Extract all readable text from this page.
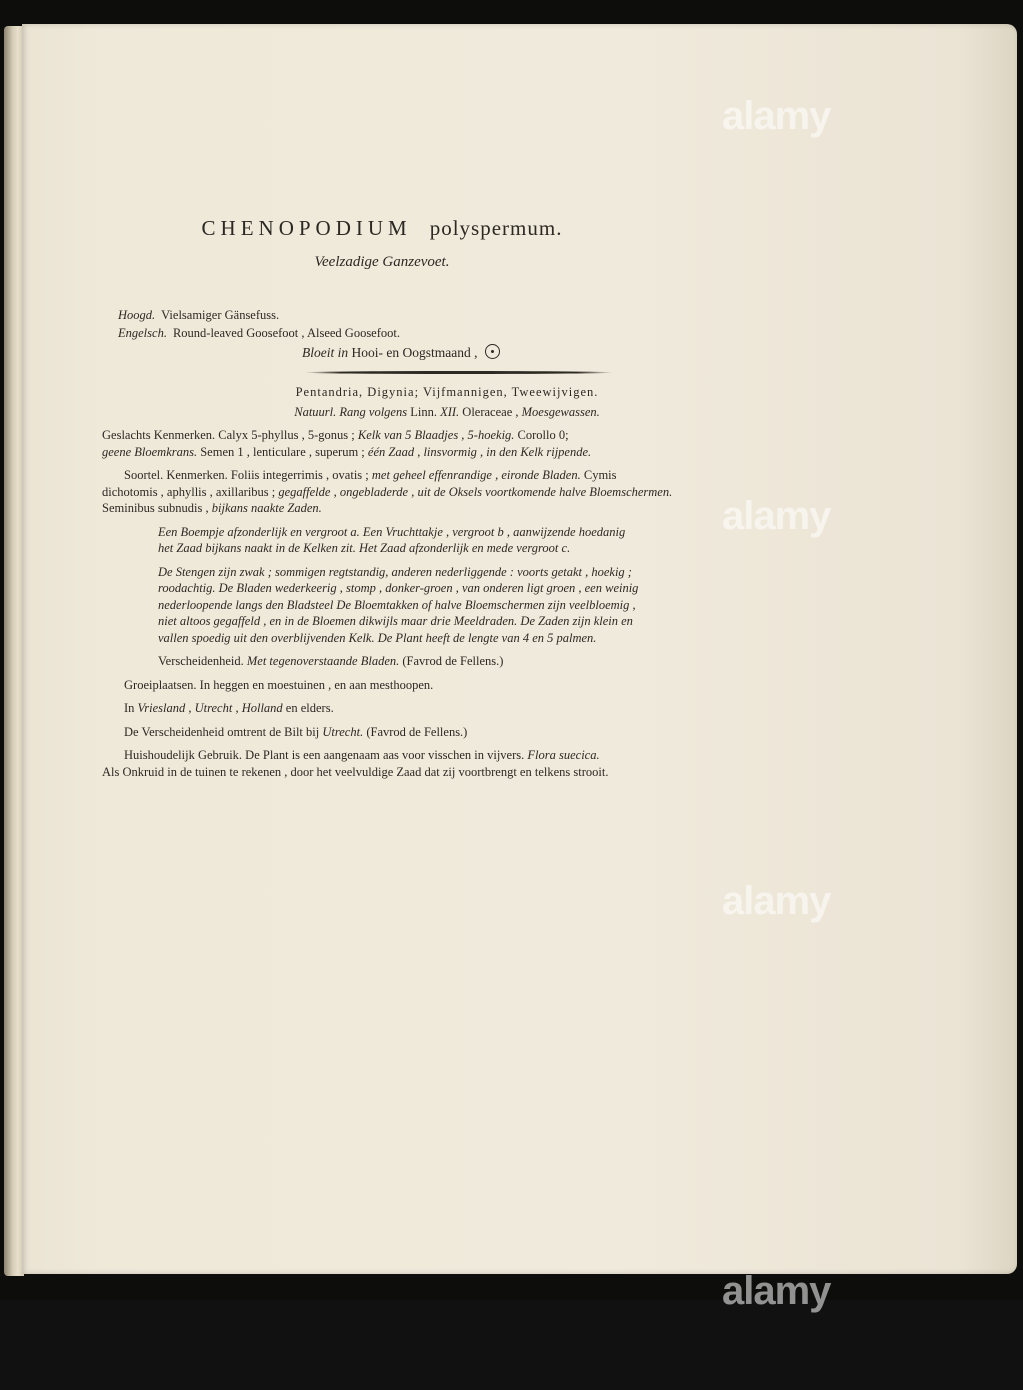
alamy
alamy
alamy
alamy
CHENOPODIUM polyspermum.
Veelzadige Ganzevoet.
Hoogd. Vielsamiger Gänsefuss.
Engelsch. Round-leaved Goosefoot , Alseed Goosefoot.
Bloeit in Hooi- en Oogstmaand ,

Pentandria, Digynia; Vijfmannigen, Tweewijvigen.

Natuurl. Rang volgens Linn. XII. Oleraceae , Moesgewassen.

Geslachts Kenmerken. Calyx 5-phyllus , 5-gonus ; Kelk van 5 Blaadjes , 5-hoekig. Corollo 0;

geene Bloemkrans. Semen 1 , lenticulare , superum ; één Zaad , linsvormig , in den Kelk rijpende.

Soortel. Kenmerken. Foliis integerrimis , ovatis ; met geheel effenrandige , eironde Bladen. Cymis

dichotomis , aphyllis , axillaribus ; gegaffelde , ongebladerde , uit de Oksels voortkomende halve Bloemschermen.

Seminibus subnudis , bijkans naakte Zaden.

Een Boempje afzonderlijk en vergroot a. Een Vruchttakje , vergroot b , aanwijzende hoedanig

het Zaad bijkans naakt in de Kelken zit. Het Zaad afzonderlijk en mede vergroot c.

De Stengen zijn zwak ; sommigen regtstandig, anderen nederliggende : voorts getakt , hoekig ;

roodachtig. De Bladen wederkeerig , stomp , donker-groen , van onderen ligt groen , een weinig

nederloopende langs den Bladsteel De Bloemtakken of halve Bloemschermen zijn veelbloemig ,

niet altoos gegaffeld , en in de Bloemen dikwijls maar drie Meeldraden. De Zaden zijn klein en

vallen spoedig uit den overblijvenden Kelk. De Plant heeft de lengte van 4 en 5 palmen.

Verscheidenheid. Met tegenoverstaande Bladen. (Favrod de Fellens.)

Groeiplaatsen. In heggen en moestuinen , en aan mesthoopen.

In Vriesland , Utrecht , Holland en elders.

De Verscheidenheid omtrent de Bilt bij Utrecht. (Favrod de Fellens.)

Huishoudelijk Gebruik. De Plant is een aangenaam aas voor visschen in vijvers. Flora suecica.

Als Onkruid in de tuinen te rekenen , door het veelvuldige Zaad dat zij voortbrengt en telkens strooit.
